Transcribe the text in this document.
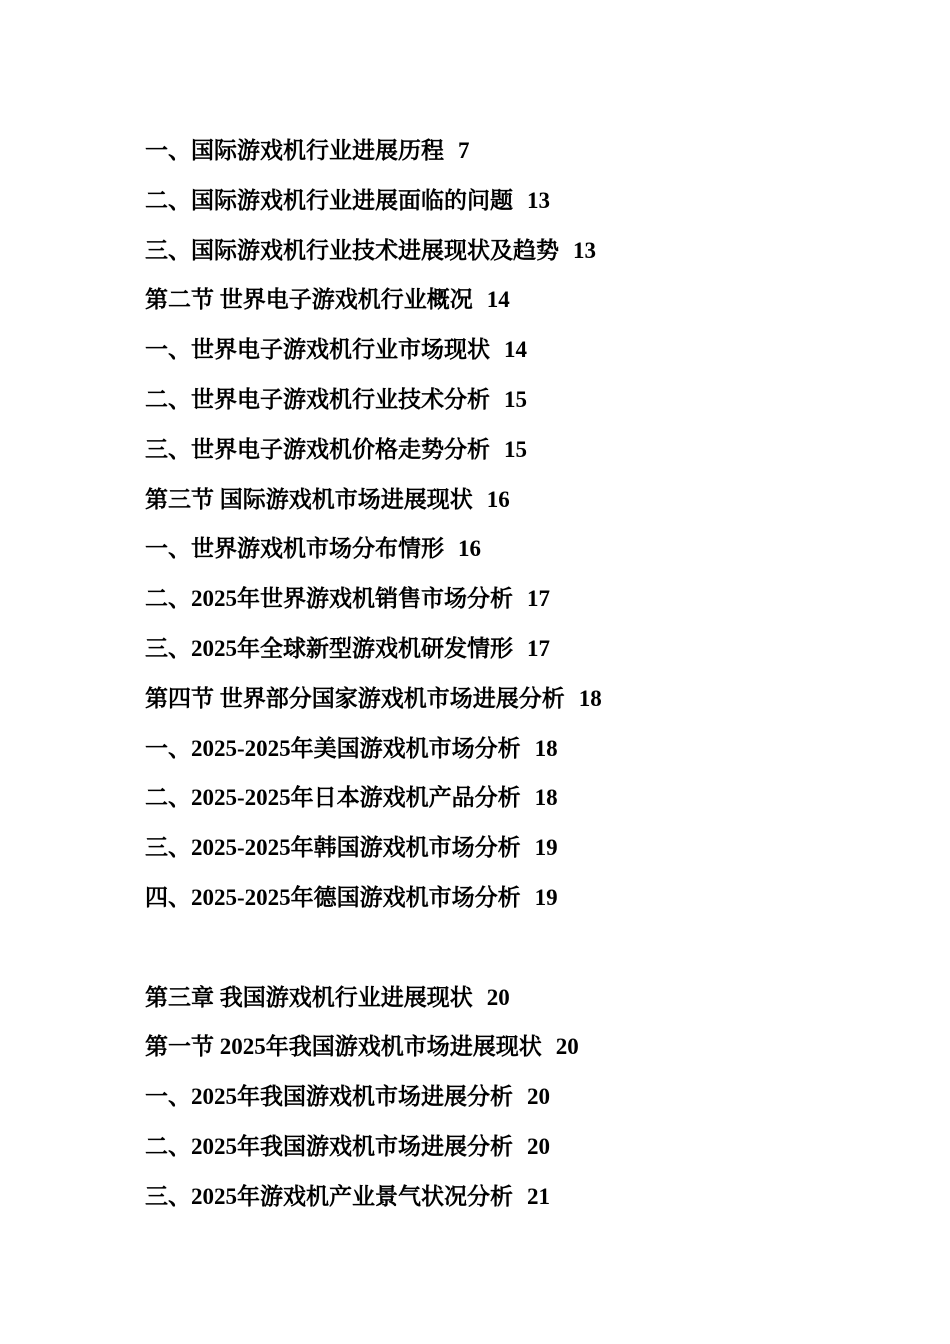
一、国际游戏机行业进展历程 7
二、国际游戏机行业进展面临的问题 13
三、国际游戏机行业技术进展现状及趋势 13
第二节 世界电子游戏机行业概况 14
一、世界电子游戏机行业市场现状 14
二、世界电子游戏机行业技术分析 15
三、世界电子游戏机价格走势分析 15
第三节 国际游戏机市场进展现状 16
一、世界游戏机市场分布情形 16
二、2025年世界游戏机销售市场分析 17
三、2025年全球新型游戏机研发情形 17
第四节 世界部分国家游戏机市场进展分析 18
一、2025-2025年美国游戏机市场分析 18
二、2025-2025年日本游戏机产品分析 18
三、2025-2025年韩国游戏机市场分析 19
四、2025-2025年德国游戏机市场分析 19
第三章 我国游戏机行业进展现状 20
第一节 2025年我国游戏机市场进展现状 20
一、2025年我国游戏机市场进展分析 20
二、2025年我国游戏机市场进展分析 20
三、2025年游戏机产业景气状况分析 21
